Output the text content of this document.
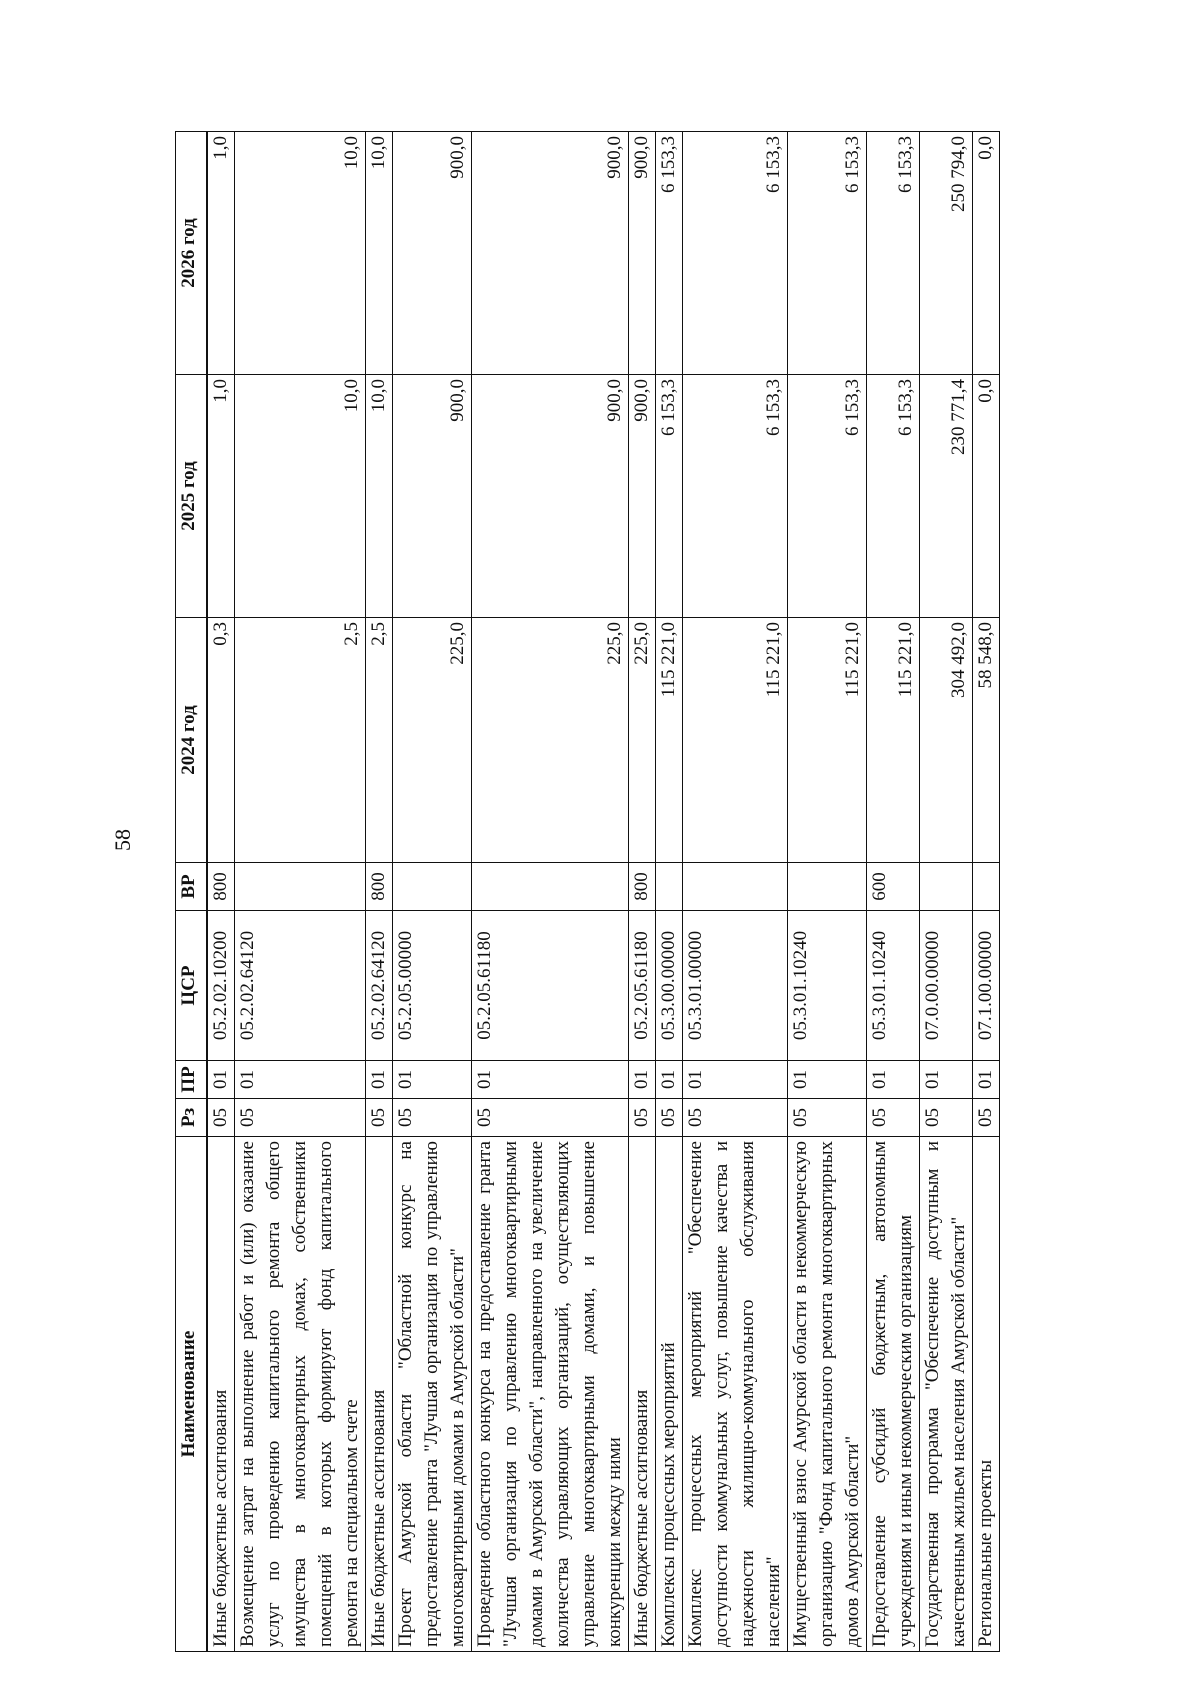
58
Наименование	Рз	ПР	ЦСР	ВР	2024 год	2025 год	2026 год
Иные бюджетные ассигнования	05	01	05.2.02.10200	800	0,3	1,0	1,0
Возмещение затрат на выполнение работ и (или) оказание услуг по проведению капитального ремонта общего имущества в многоквартирных домах, собственники помещений в которых формируют фонд капитального ремонта на специальном счете	05	01	05.2.02.64120		2,5	10,0	10,0
Иные бюджетные ассигнования	05	01	05.2.02.64120	800	2,5	10,0	10,0
Проект Амурской области "Областной конкурс на предоставление гранта "Лучшая организация по управлению многоквартирными домами в Амурской области"	05	01	05.2.05.00000		225,0	900,0	900,0
Проведение областного конкурса на предоставление гранта "Лучшая организация по управлению многоквартирными домами в Амурской области", направленного на увеличение количества управляющих организаций, осуществляющих управление многоквартирными домами, и повышение конкуренции между ними	05	01	05.2.05.61180		225,0	900,0	900,0
Иные бюджетные ассигнования	05	01	05.2.05.61180	800	225,0	900,0	900,0
Комплексы процессных мероприятий	05	01	05.3.00.00000		115 221,0	6 153,3	6 153,3
Комплекс процессных мероприятий "Обеспечение доступности коммунальных услуг, повышение качества и надежности жилищно-коммунального обслуживания населения"	05	01	05.3.01.00000		115 221,0	6 153,3	6 153,3
Имущественный взнос Амурской области в некоммерческую организацию "Фонд капитального ремонта многоквартирных домов Амурской области"	05	01	05.3.01.10240		115 221,0	6 153,3	6 153,3
Предоставление субсидий бюджетным, автономным учреждениям и иным некоммерческим организациям	05	01	05.3.01.10240	600	115 221,0	6 153,3	6 153,3
Государственная программа "Обеспечение доступным и качественным жильем населения Амурской области"	05	01	07.0.00.00000		304 492,0	230 771,4	250 794,0
Региональные проекты	05	01	07.1.00.00000		58 548,0	0,0	0,0
